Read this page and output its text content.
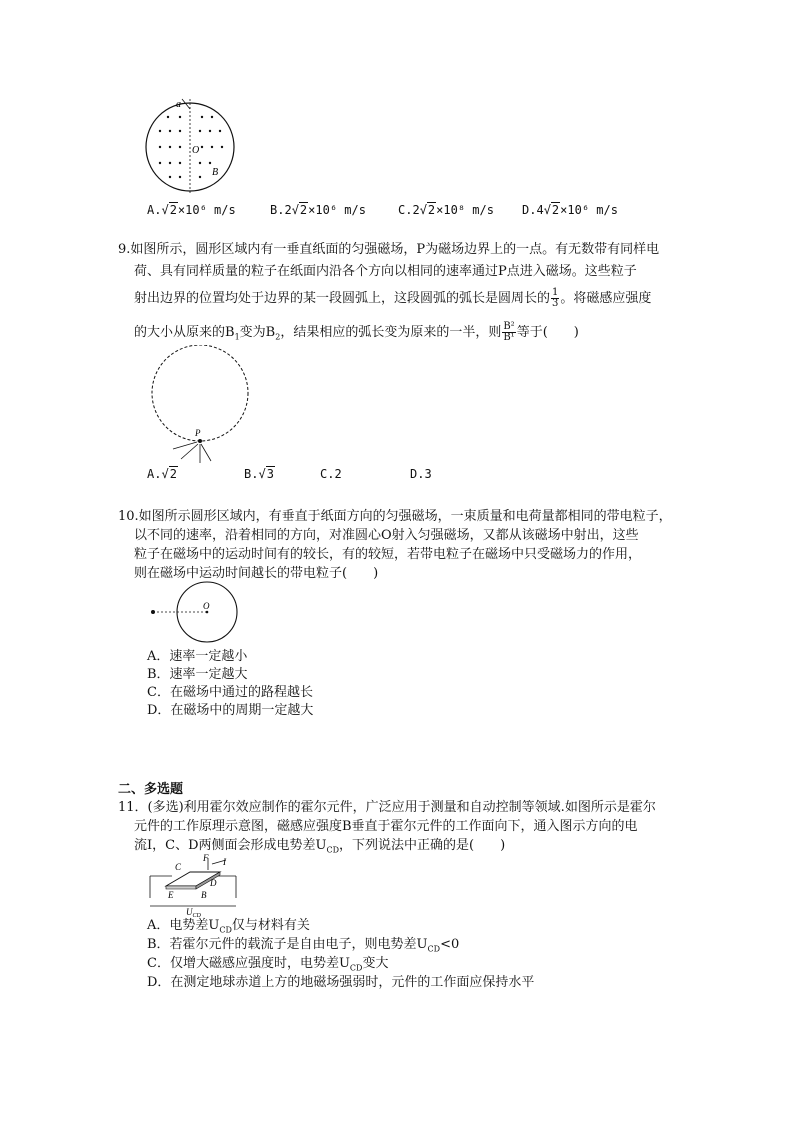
a
O
B
A.√2×10⁶ m/s	B.2√2×10⁶ m/s	C.2√2×10⁸ m/s D.4√2×10⁶ m/s
9.如图所示，圆形区域内有一垂直纸面的匀强磁场，P为磁场边界上的一点。有无数带有同样电
荷、具有同样质量的粒子在纸面内沿各个方向以相同的速率通过P点进入磁场。这些粒子
射出边界的位置均处于边界的某一段圆弧上，这段圆弧的弧长是圆周长的 $\frac{1}{3}$ 。将磁感应强度
的大小从原来的$B_1$变为$B_2$，结果相应的弧长变为原来的一半，则 $\frac{\text{B²}}{\text{B¹}}$ 等于(　　)
P
A.√2	B.√3	C.2	D.3
10.如图所示圆形区域内，有垂直于纸面方向的匀强磁场，一束质量和电荷量都相同的带电粒子，
以不同的速率，沿着相同的方向，对准圆心O射入匀强磁场，又都从该磁场中射出，这些
粒子在磁场中的运动时间有的较长，有的较短，若带电粒子在磁场中只受磁场力的作用，
则在磁场中运动时间越长的带电粒子(　　)
O
A．速率一定越小
B．速率一定越大
C．在磁场中通过的路程越长
D．在磁场中的周期一定越大
二、多选题
11．(多选)利用霍尔效应制作的霍尔元件，广泛应用于测量和自动控制等领域.如图所示是霍尔
元件的工作原理示意图，磁感应强度B垂直于霍尔元件的工作面向下，通入图示方向的电
流I，C、D两侧面会形成电势差$U_{CD}$，下列说法中正确的是(　　)
C
F I
D
E	B
$U_{CD}$
A．电势差$U_{CD}$仅与材料有关
B．若霍尔元件的载流子是自由电子，则电势差$U_{CD}<0$
C．仅增大磁感应强度时，电势差$U_{CD}$变大
D．在测定地球赤道上方的地磁场强弱时，元件的工作面应保持水平
